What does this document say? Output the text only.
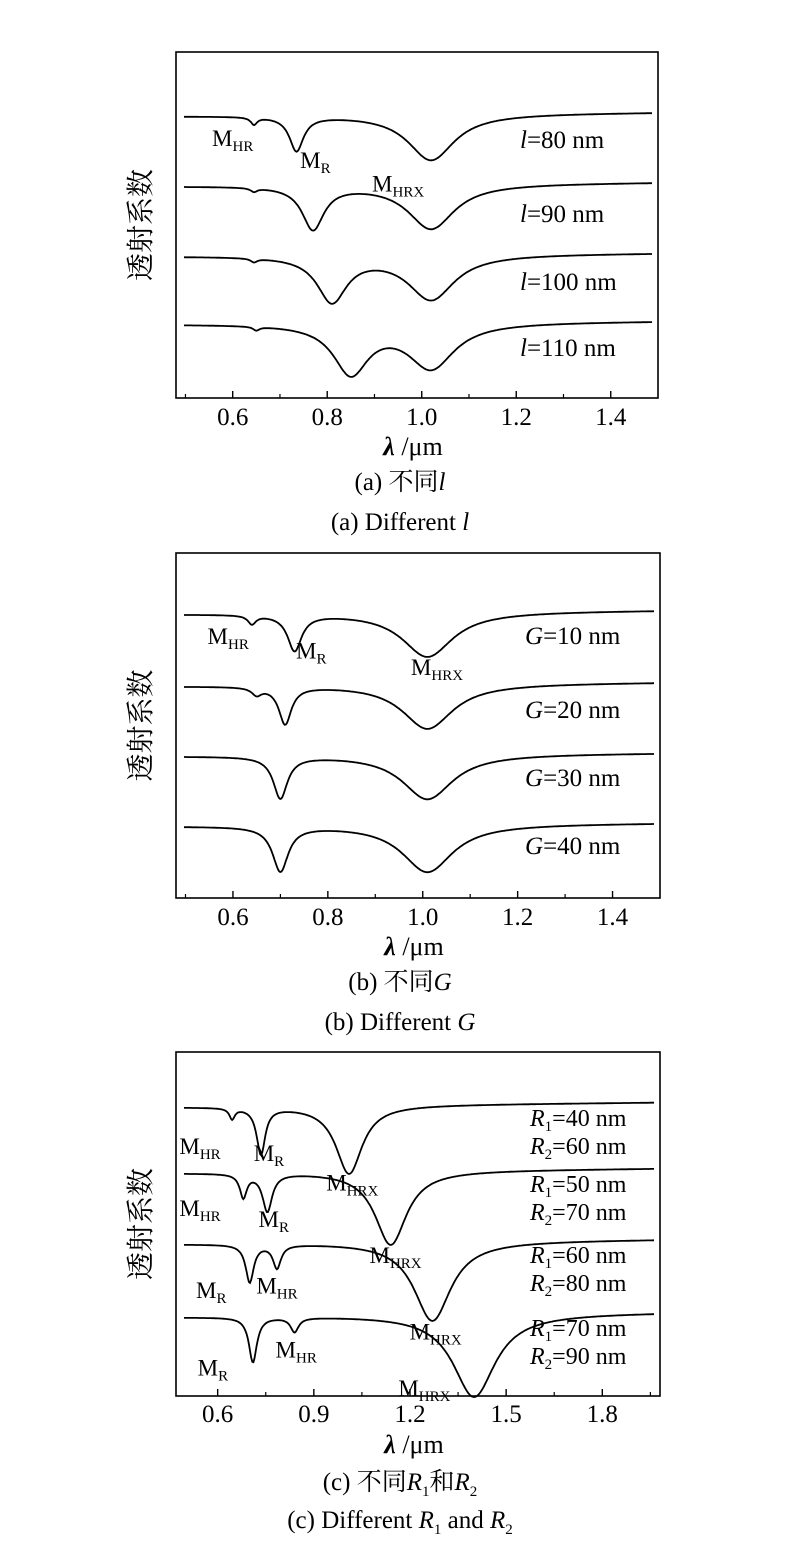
0.6	0.8	1.0	1.2	1.4
λ /μm
透射系数
l=80 nm
l=90 nm
l=100 nm
l=110 nm
$M_{HR}$
$M_R$
$M_{HRX}$
0.6	0.8	1.0	1.2	1.4
λ /μm
透射系数
G=10 nm
G=20 nm
G=30 nm
G=40 nm
$M_{HR}$ $M_R$	$M_{HRX}$
0.6	0.9	1.2	1.5	1.8
λ /μm
透射系数
$R_1=40$ nm
$R_2=60$ nm
$R_1=50$ nm
$R_2=70$ nm
$R_1=60$ nm
$R_2=80$ nm
$R_1=70$ nm
$R_2=90$ nm
$M_{HR}$ $M_R$
$M_{HRX}$
$M_{HR}$ $M_R$
$M_{HRX}$
$M_R$
$M_{HR}$
$M_{HRX}$
$M_R$
$M_{HR}$
$M_{HRX}$
(a) 不同l
(a) Different l
(b) 不同G
(b) Different G
(c) 不同$R_1$和$R_2$
(c) Different $R_1$ and $R_2$
